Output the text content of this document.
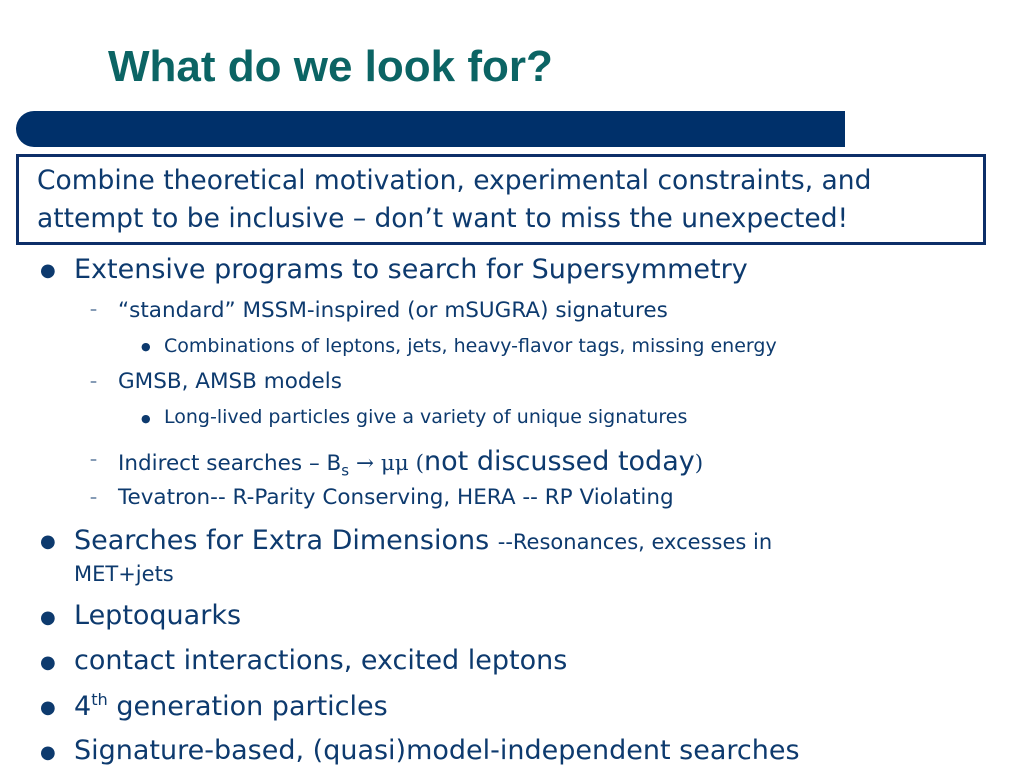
What do we look for?
Combine theoretical motivation, experimental constraints, and
attempt to be inclusive – don’t want to miss the unexpected!
● Extensive programs to search for Supersymmetry
– “standard” MSSM-inspired (or mSUGRA) signatures
● Combinations of leptons, jets, heavy-flavor tags, missing energy
– GMSB, AMSB models
● Long-lived particles give a variety of unique signatures
– Indirect searches – $B_s \to \mu\mu$ (not discussed today)
– Tevatron-- R-Parity Conserving, HERA -- RP Violating
● Searches for Extra Dimensions --Resonances, excesses in
MET+jets
● Leptoquarks
● contact interactions, excited leptons
● 4th generation particles
● Signature-based, (quasi)model-independent searches
